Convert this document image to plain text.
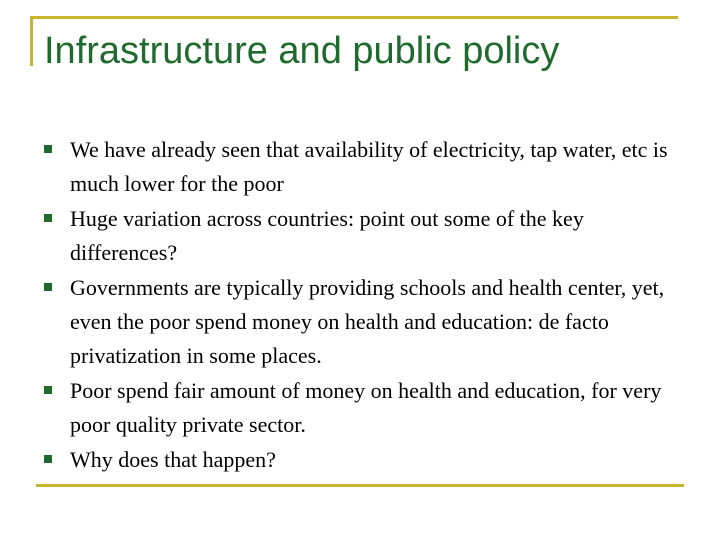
Infrastructure and public policy
We have already seen that availability of electricity, tap water, etc is much lower for the poor
Huge variation across countries: point out some of the key differences?
Governments are typically providing schools and health center, yet, even the poor spend money on health and education: de facto privatization in some places.
Poor spend fair amount of money on health and education, for very poor quality private sector.
Why does that happen?
